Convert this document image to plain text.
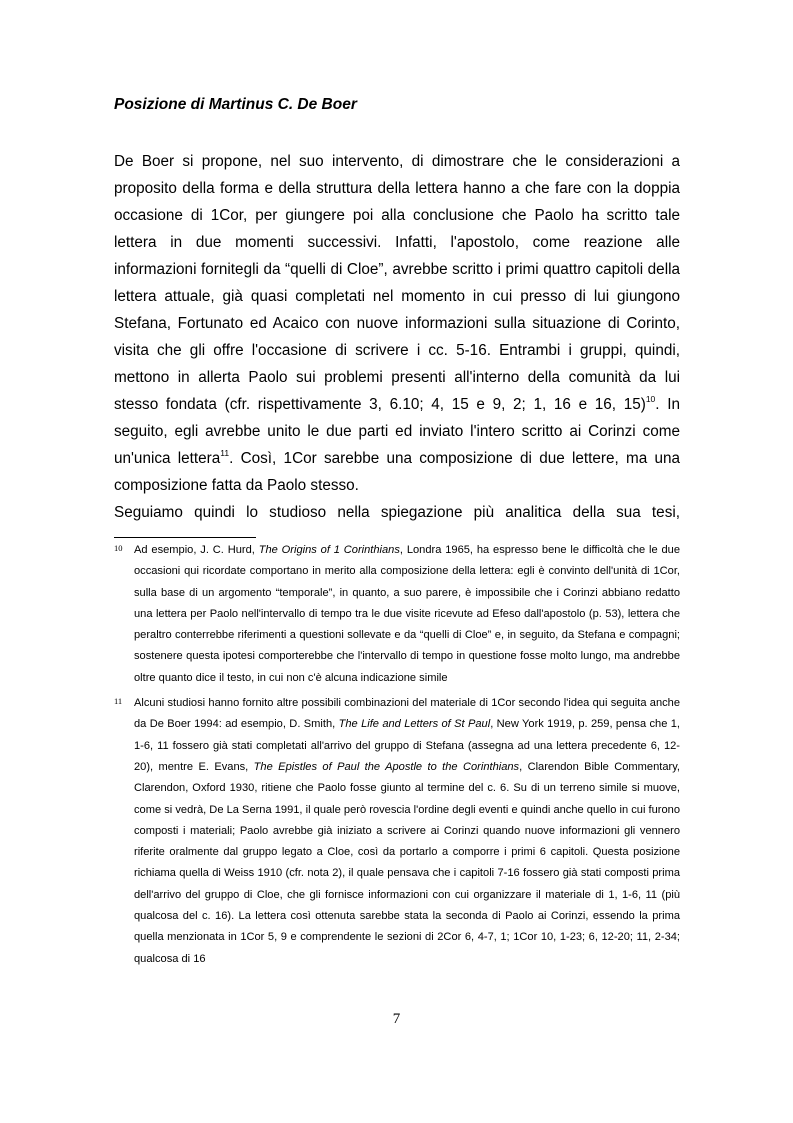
Posizione di Martinus C. De Boer

De Boer si propone, nel suo intervento, di dimostrare che le considerazioni a proposito della forma e della struttura della lettera hanno a che fare con la doppia occasione di 1Cor, per giungere poi alla conclusione che Paolo ha scritto tale lettera in due momenti successivi. Infatti, l'apostolo, come reazione alle informazioni fornitegli da “quelli di Cloe”, avrebbe scritto i primi quattro capitoli della lettera attuale, già quasi completati nel momento in cui presso di lui giungono Stefana, Fortunato ed Acaico con nuove informazioni sulla situazione di Corinto, visita che gli offre l'occasione di scrivere i cc. 5-16. Entrambi i gruppi, quindi, mettono in allerta Paolo sui problemi presenti all'interno della comunità da lui stesso fondata (cfr. rispettivamente 3, 6.10; 4, 15 e 9, 2; 1, 16 e 16, 15)$^{10}$. In seguito, egli avrebbe unito le due parti ed inviato l'intero scritto ai Corinzi come un'unica lettera$^{11}$. Così, 1Cor sarebbe una composizione di due lettere, ma una composizione fatta da Paolo stesso.

Seguiamo quindi lo studioso nella spiegazione più analitica della sua tesi,

10 Ad esempio, J. C. Hurd, The Origins of 1 Corinthians, Londra 1965, ha espresso bene le difficoltà che le due occasioni qui ricordate comportano in merito alla composizione della lettera: egli è convinto dell'unità di 1Cor, sulla base di un argomento “temporale”, in quanto, a suo parere, è impossibile che i Corinzi abbiano redatto una lettera per Paolo nell'intervallo di tempo tra le due visite ricevute ad Efeso dall'apostolo (p. 53), lettera che peraltro conterrebbe riferimenti a questioni sollevate e da “quelli di Cloe” e, in seguito, da Stefana e compagni; sostenere questa ipotesi comporterebbe che l'intervallo di tempo in questione fosse molto lungo, ma andrebbe oltre quanto dice il testo, in cui non c'è alcuna indicazione simile

11 Alcuni studiosi hanno fornito altre possibili combinazioni del materiale di 1Cor secondo l'idea qui seguita anche da De Boer 1994: ad esempio, D. Smith, The Life and Letters of St Paul, New York 1919, p. 259, pensa che 1, 1-6, 11 fossero già stati completati all'arrivo del gruppo di Stefana (assegna ad una lettera precedente 6, 12-20), mentre E. Evans, The Epistles of Paul the Apostle to the Corinthians, Clarendon Bible Commentary, Clarendon, Oxford 1930, ritiene che Paolo fosse giunto al termine del c. 6. Su di un terreno simile si muove, come si vedrà, De La Serna 1991, il quale però rovescia l'ordine degli eventi e quindi anche quello in cui furono composti i materiali; Paolo avrebbe già iniziato a scrivere ai Corinzi quando nuove informazioni gli vennero riferite oralmente dal gruppo legato a Cloe, così da portarlo a comporre i primi 6 capitoli. Questa posizione richiama quella di Weiss 1910 (cfr. nota 2), il quale pensava che i capitoli 7-16 fossero già stati composti prima dell'arrivo del gruppo di Cloe, che gli fornisce informazioni con cui organizzare il materiale di 1, 1-6, 11 (più qualcosa del c. 16). La lettera così ottenuta sarebbe stata la seconda di Paolo ai Corinzi, essendo la prima quella menzionata in 1Cor 5, 9 e comprendente le sezioni di 2Cor 6, 4-7, 1; 1Cor 10, 1-23; 6, 12-20; 11, 2-34; qualcosa di 16

7
